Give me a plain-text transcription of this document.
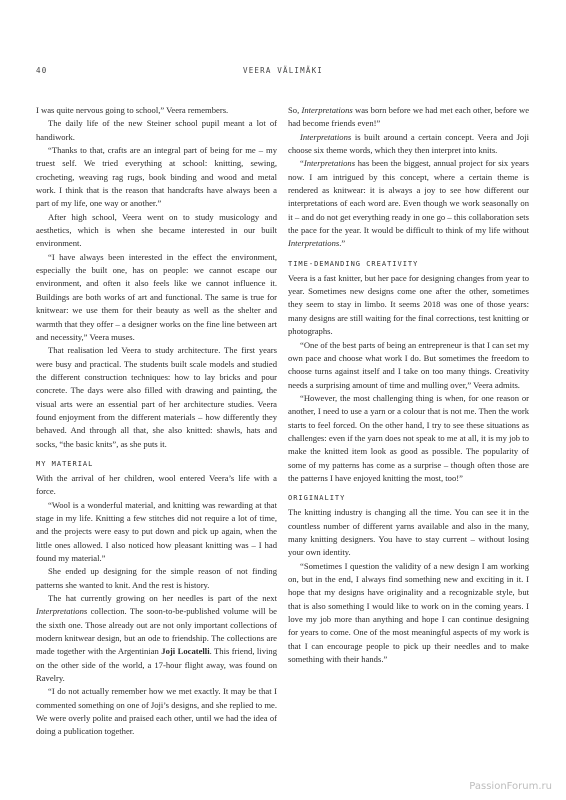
40	VEERA VÄLIMÄKI

I was quite nervous going to school,” Veera remembers.

The daily life of the new Steiner school pupil meant a lot of handiwork.

“Thanks to that, crafts are an integral part of being for me – my truest self. We tried everything at school: knitting, sewing, crocheting, weaving rag rugs, book binding and wood and metal work. I think that is the reason that handcrafts have always been a part of my life, one way or another.”

After high school, Veera went on to study musicology and aesthetics, which is when she became interested in our built environment.

“I have always been interested in the effect the environment, especially the built one, has on people: we cannot escape our environment, and often it also feels like we cannot influence it. Buildings are both works of art and functional. The same is true for knitwear: we use them for their beauty as well as the shelter and warmth that they offer – a designer works on the fine line between art and necessity,” Veera muses.

That realisation led Veera to study architecture. The first years were busy and practical. The students built scale models and studied the different construction techniques: how to lay bricks and pour concrete. The days were also filled with drawing and painting, the visual arts were an essential part of her architecture studies. Veera found enjoyment from the different materials – how differently they behaved. And through all that, she also knitted: shawls, hats and socks, “the basic knits”, as she puts it.

MY MATERIAL

With the arrival of her children, wool entered Veera’s life with a force.

“Wool is a wonderful material, and knitting was rewarding at that stage in my life. Knitting a few stitches did not require a lot of time, and the projects were easy to put down and pick up again, when the little ones allowed. I also noticed how pleasant knitting was – I had found my material.”

She ended up designing for the simple reason of not finding patterns she wanted to knit. And the rest is history.

The hat currently growing on her needles is part of the next Interpretations collection. The soon-to-be-published volume will be the sixth one. Those already out are not only important collections of modern knitwear design, but an ode to friendship. The collections are made together with the Argentinian Joji Locatelli. This friend, living on the other side of the world, a 17-hour flight away, was found on Ravelry.

“I do not actually remember how we met exactly. It may be that I commented something on one of Joji’s designs, and she replied to me. We were overly polite and praised each other, until we had the idea of doing a publication together.

So, Interpretations was born before we had met each other, before we had become friends even!”

Interpretations is built around a certain concept. Veera and Joji choose six theme words, which they then interpret into knits.

“Interpretations has been the biggest, annual project for six years now. I am intrigued by this concept, where a certain theme is rendered as knitwear: it is always a joy to see how different our interpretations of each word are. Even though we work seasonally on it – and do not get everything ready in one go – this collaboration sets the pace for the year. It would be difficult to think of my life without Interpretations.”

TIME-DEMANDING CREATIVITY

Veera is a fast knitter, but her pace for designing changes from year to year. Sometimes new designs come one after the other, sometimes they seem to stay in limbo. It seems 2018 was one of those years: many designs are still waiting for the final corrections, test knitting or photographs.

“One of the best parts of being an entrepreneur is that I can set my own pace and choose what work I do. But sometimes the freedom to choose turns against itself and I take on too many things. Creativity needs a surprising amount of time and mulling over,” Veera admits.

“However, the most challenging thing is when, for one reason or another, I need to use a yarn or a colour that is not me. Then the work starts to feel forced. On the other hand, I try to see these situations as challenges: even if the yarn does not speak to me at all, it is my job to make the knitted item look as good as possible. The popularity of some of my patterns has come as a surprise – though often those are the patterns I have enjoyed knitting the most, too!”

ORIGINALITY

The knitting industry is changing all the time. You can see it in the countless number of different yarns available and also in the many, many knitting designers. You have to stay current – without losing your own identity.

“Sometimes I question the validity of a new design I am working on, but in the end, I always find something new and exciting in it. I hope that my designs have originality and a recognizable style, but that is also something I would like to work on in the coming years. I love my job more than anything and hope I can continue designing for years to come. One of the most meaningful aspects of my work is that I can encourage people to pick up their needles and to make something with their hands.”

PassionForum.ru
